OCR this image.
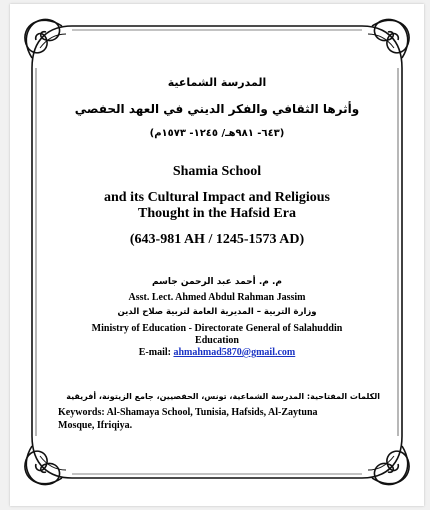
المدرسة الشماعية
وأثرها الثقافي والفكر الديني في العهد الحفصي
(٦٤٣- ٩٨١هـ/ ١٢٤٥- ١٥٧٣م)
Shamia School
and its Cultural Impact and Religious
Thought in the Hafsid Era
(643-981 AH / 1245-1573 AD)
م. م. أحمد عبد الرحمن جاسم
Asst. Lect. Ahmed Abdul Rahman Jassim
وزارة التربية – المديرية العامة لتربية صلاح الدين
Ministry of Education - Directorate General of Salahuddin
Education
E-mail: ahmahmad5870@gmail.com
الكلمات المفتاحية: المدرسة الشماعية، تونس، الحفصيين، جامع الزيتونة، أفريقية
Keywords: Al-Shamaya School, Tunisia, Hafsids, Al-Zaytuna
Mosque, Ifriqiya.
